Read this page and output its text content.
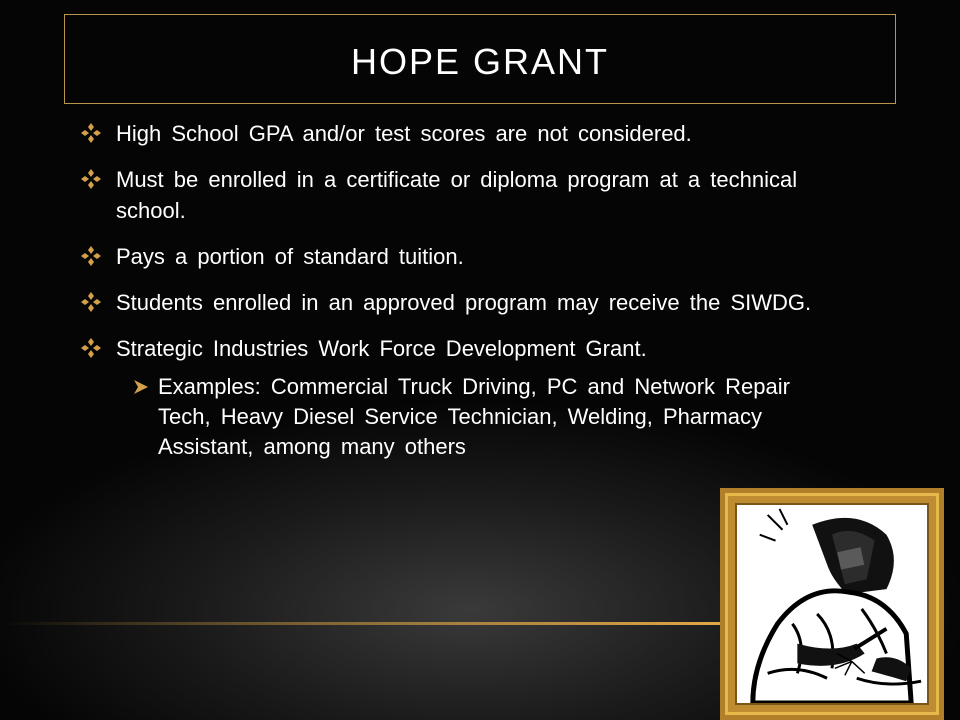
HOPE GRANT
High School GPA and/or test scores are not considered.
Must be enrolled in a certificate or diploma program at a technical school.
Pays a portion of standard tuition.
Students enrolled in an approved program may receive the SIWDG.
Strategic Industries Work Force Development Grant.
Examples: Commercial Truck Driving, PC and Network Repair Tech, Heavy Diesel Service Technician, Welding, Pharmacy Assistant, among many others
